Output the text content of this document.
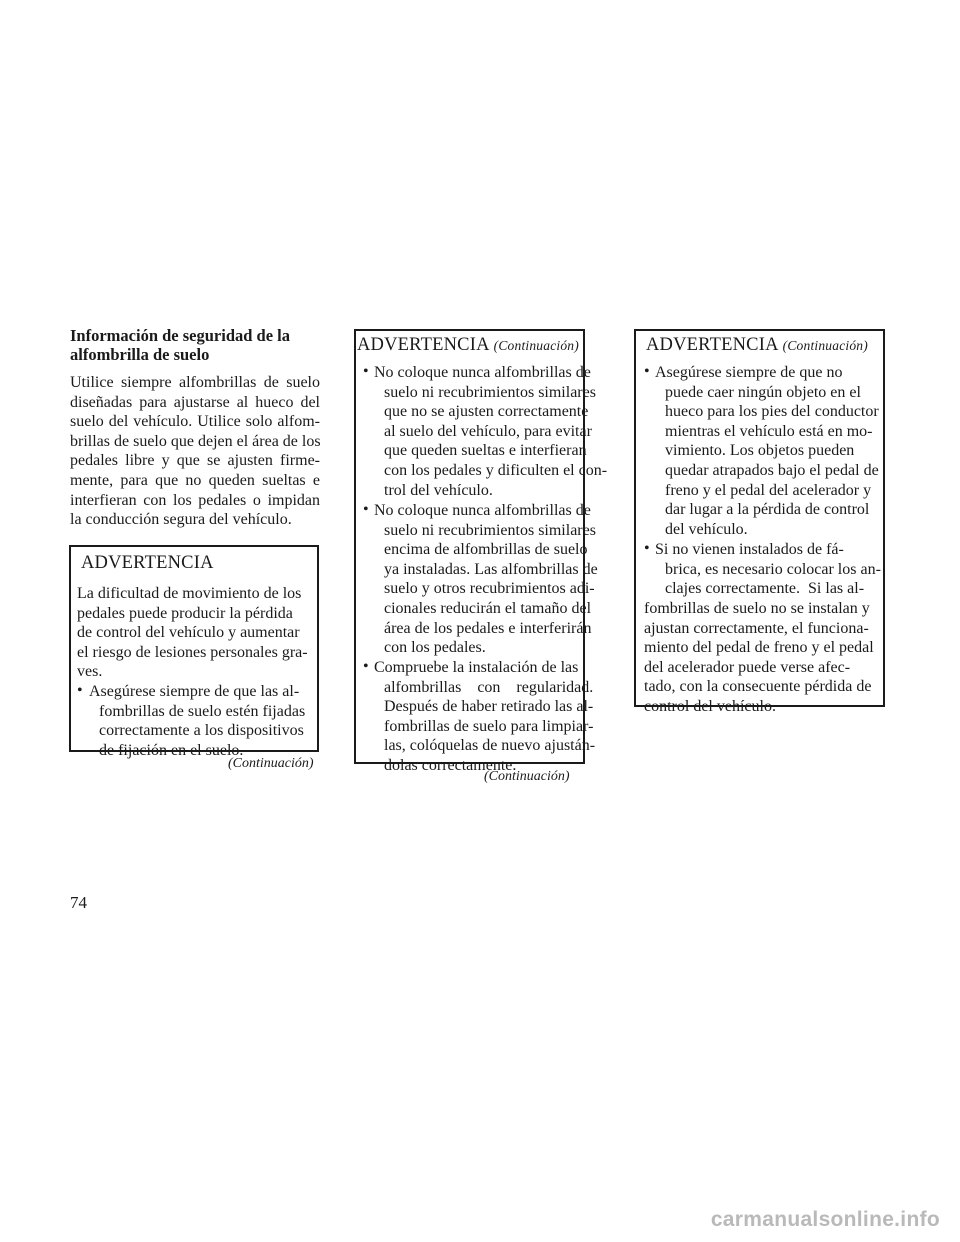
Información de seguridad de la
alfombrilla de suelo
Utilice siempre alfombrillas de suelo
diseñadas para ajustarse al hueco del
suelo del vehículo. Utilice solo alfom-
brillas de suelo que dejen el área de los
pedales libre y que se ajusten firme-
mente, para que no queden sueltas e
interfieran con los pedales o impidan
la conducción segura del vehículo.
ADVERTENCIA
La dificultad de movimiento de los
pedales puede producir la pérdida
de control del vehículo y aumentar
el riesgo de lesiones personales gra-
ves.
• Asegúrese siempre de que las al-
fombrillas de suelo estén fijadas
correctamente a los dispositivos
de fijación en el suelo.
(Continuación)
ADVERTENCIA (Continuación)
• No coloque nunca alfombrillas de
suelo ni recubrimientos similares
que no se ajusten correctamente
al suelo del vehículo, para evitar
que queden sueltas e interfieran
con los pedales y dificulten el con-
trol del vehículo.
• No coloque nunca alfombrillas de
suelo ni recubrimientos similares
encima de alfombrillas de suelo
ya instaladas. Las alfombrillas de
suelo y otros recubrimientos adi-
cionales reducirán el tamaño del
área de los pedales e interferirán
con los pedales.
• Compruebe la instalación de las
alfombrillas    con    regularidad.
Después de haber retirado las al-
fombrillas de suelo para limpiar-
las, colóquelas de nuevo ajustán-
dolas correctamente.
(Continuación)
ADVERTENCIA (Continuación)
• Asegúrese siempre de que no
puede caer ningún objeto en el
hueco para los pies del conductor
mientras el vehículo está en mo-
vimiento. Los objetos pueden
quedar atrapados bajo el pedal de
freno y el pedal del acelerador y
dar lugar a la pérdida de control
del vehículo.
• Si no vienen instalados de fá-
brica, es necesario colocar los an-
clajes correctamente.  Si las al-
fombrillas de suelo no se instalan y
ajustan correctamente, el funciona-
miento del pedal de freno y el pedal
del acelerador puede verse afec-
tado, con la consecuente pérdida de
control del vehículo.
74
carmanualsonline.info
